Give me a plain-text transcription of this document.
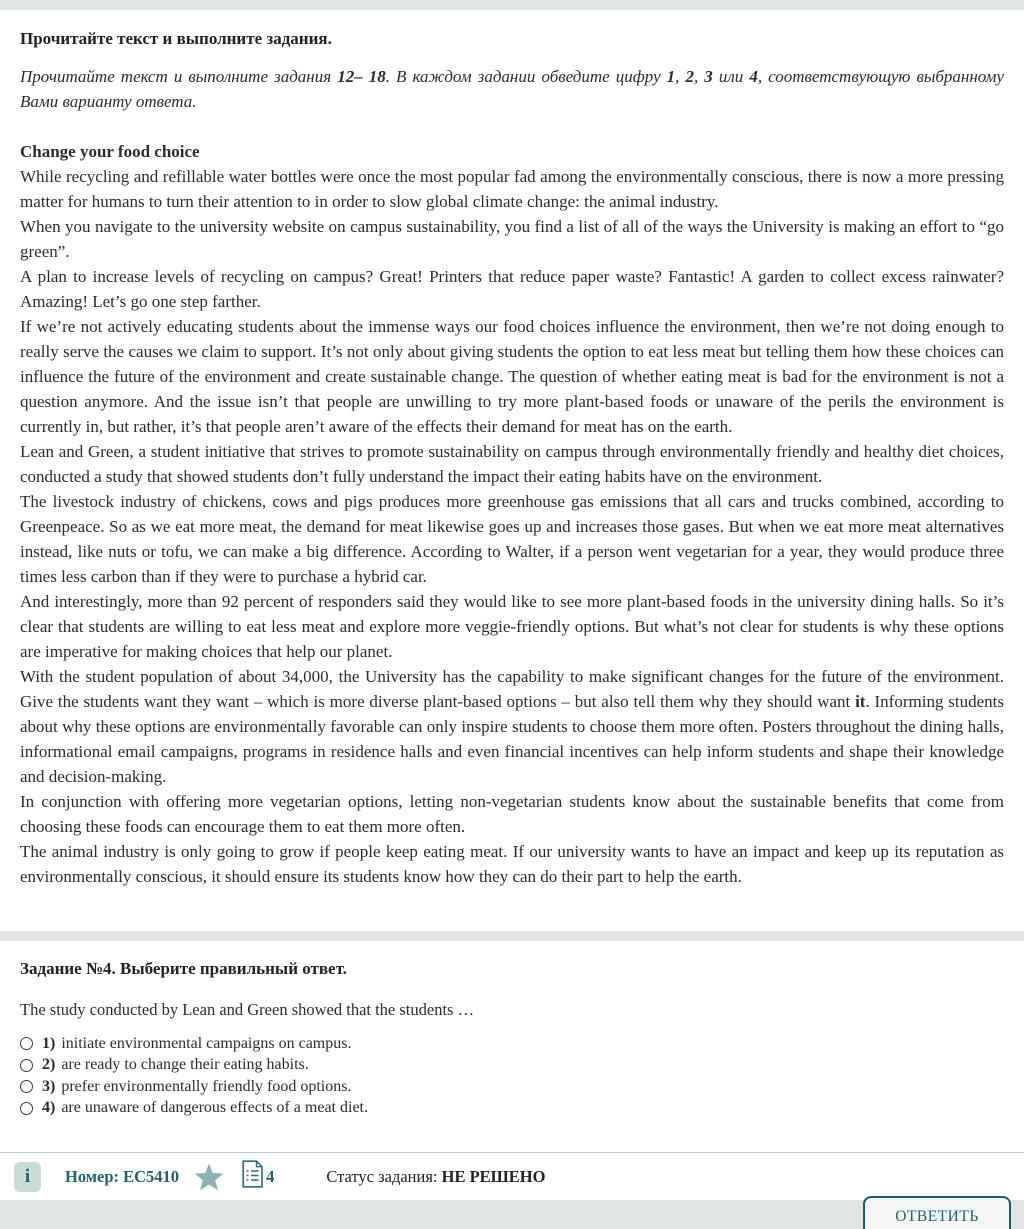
Прочитайте текст и выполните задания.

Прочитайте текст и выполните задания 12– 18. В каждом задании обведите цифру 1, 2, 3 или 4, соответствующую выбранному Вами варианту ответа.

Change your food choice

While recycling and refillable water bottles were once the most popular fad among the environmentally conscious, there is now a more pressing matter for humans to turn their attention to in order to slow global climate change: the animal industry.

When you navigate to the university website on campus sustainability, you find a list of all of the ways the University is making an effort to “go green”.

A plan to increase levels of recycling on campus? Great! Printers that reduce paper waste? Fantastic! A garden to collect excess rainwater? Amazing! Let’s go one step farther.

If we’re not actively educating students about the immense ways our food choices influence the environment, then we’re not doing enough to really serve the causes we claim to support. It’s not only about giving students the option to eat less meat but telling them how these choices can influence the future of the environment and create sustainable change. The question of whether eating meat is bad for the environment is not a question anymore. And the issue isn’t that people are unwilling to try more plant-based foods or unaware of the perils the environment is currently in, but rather, it’s that people aren’t aware of the effects their demand for meat has on the earth.

Lean and Green, a student initiative that strives to promote sustainability on campus through environmentally friendly and healthy diet choices, conducted a study that showed students don’t fully understand the impact their eating habits have on the environment.

The livestock industry of chickens, cows and pigs produces more greenhouse gas emissions that all cars and trucks combined, according to Greenpeace. So as we eat more meat, the demand for meat likewise goes up and increases those gases. But when we eat more meat alternatives instead, like nuts or tofu, we can make a big difference. According to Walter, if a person went vegetarian for a year, they would produce three times less carbon than if they were to purchase a hybrid car.

And interestingly, more than 92 percent of responders said they would like to see more plant-based foods in the university dining halls. So it’s clear that students are willing to eat less meat and explore more veggie-friendly options. But what’s not clear for students is why these options are imperative for making choices that help our planet.

With the student population of about 34,000, the University has the capability to make significant changes for the future of the environment. Give the students want they want – which is more diverse plant-based options – but also tell them why they should want it. Informing students about why these options are environmentally favorable can only inspire students to choose them more often. Posters throughout the dining halls, informational email campaigns, programs in residence halls and even financial incentives can help inform students and shape their knowledge and decision-making.

In conjunction with offering more vegetarian options, letting non-vegetarian students know about the sustainable benefits that come from choosing these foods can encourage them to eat them more often.

The animal industry is only going to grow if people keep eating meat. If our university wants to have an impact and keep up its reputation as environmentally conscious, it should ensure its students know how they can do their part to help the earth.

Задание №4. Выберите правильный ответ.

The study conducted by Lean and Green showed that the students …

1) initiate environmental campaigns on campus.
2) are ready to change their eating habits.
3) prefer environmentally friendly food options.
4) are unaware of dangerous effects of a meat diet.
i	Номер: EC5410	4	Статус задания: НЕ РЕШЕНО
ОТВЕТИТЬ
